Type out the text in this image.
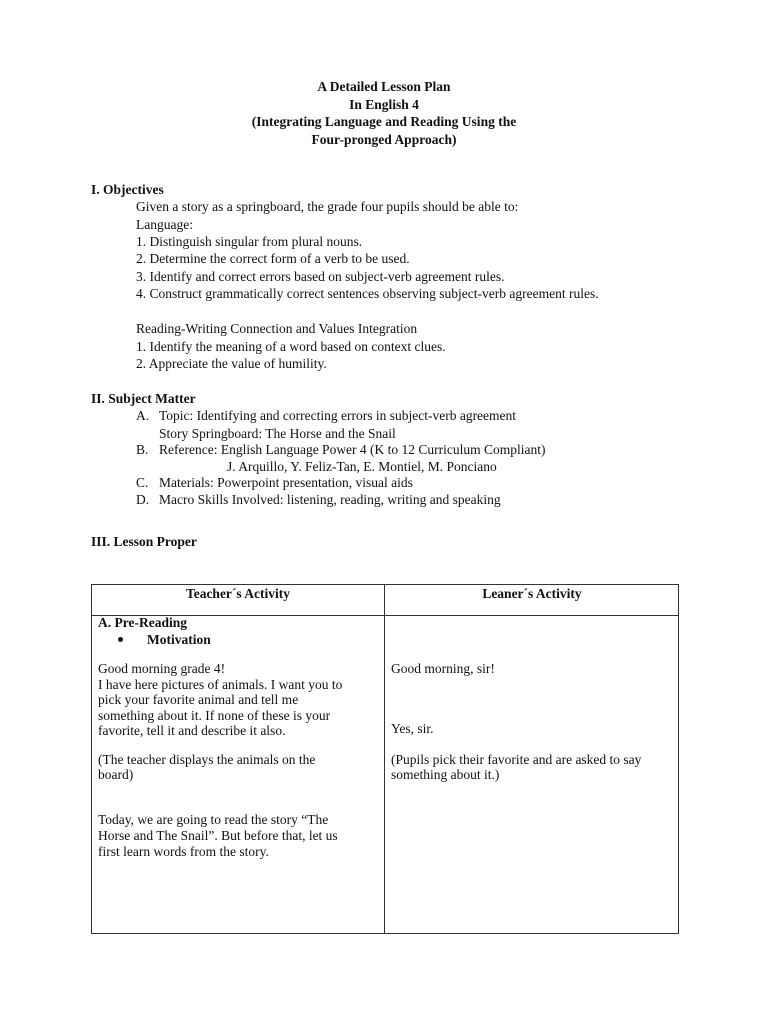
A Detailed Lesson Plan
In English 4
(Integrating Language and Reading Using the
Four-pronged Approach)
I. Objectives
Given a story as a springboard, the grade four pupils should be able to:
Language:
1. Distinguish singular from plural nouns.
2. Determine the correct form of a verb to be used.
3. Identify and correct errors based on subject-verb agreement rules.
4. Construct grammatically correct sentences observing subject-verb agreement rules.
Reading-Writing Connection and Values Integration
1. Identify the meaning of a word based on context clues.
2. Appreciate the value of humility.
II. Subject Matter
A. Topic: Identifying and correcting errors in subject-verb agreement
Story Springboard: The Horse and the Snail
B. Reference: English Language Power 4 (K to 12 Curriculum Compliant)
J. Arquillo, Y. Feliz-Tan, E. Montiel, M. Ponciano
C. Materials: Powerpoint presentation, visual aids
D. Macro Skills Involved: listening, reading, writing and speaking
III. Lesson Proper
Teacher´s Activity	Leaner´s Activity
A. Pre-Reading
Motivation
Good morning grade 4!
I have here pictures of animals. I want you to
pick your favorite animal and tell me
something about it. If none of these is your
favorite, tell it and describe it also.
(The teacher displays the animals on the
board)
Today, we are going to read the story “The
Horse and The Snail”. But before that, let us
first learn words from the story.
Good morning, sir!
Yes, sir.
(Pupils pick their favorite and are asked to say
something about it.)
